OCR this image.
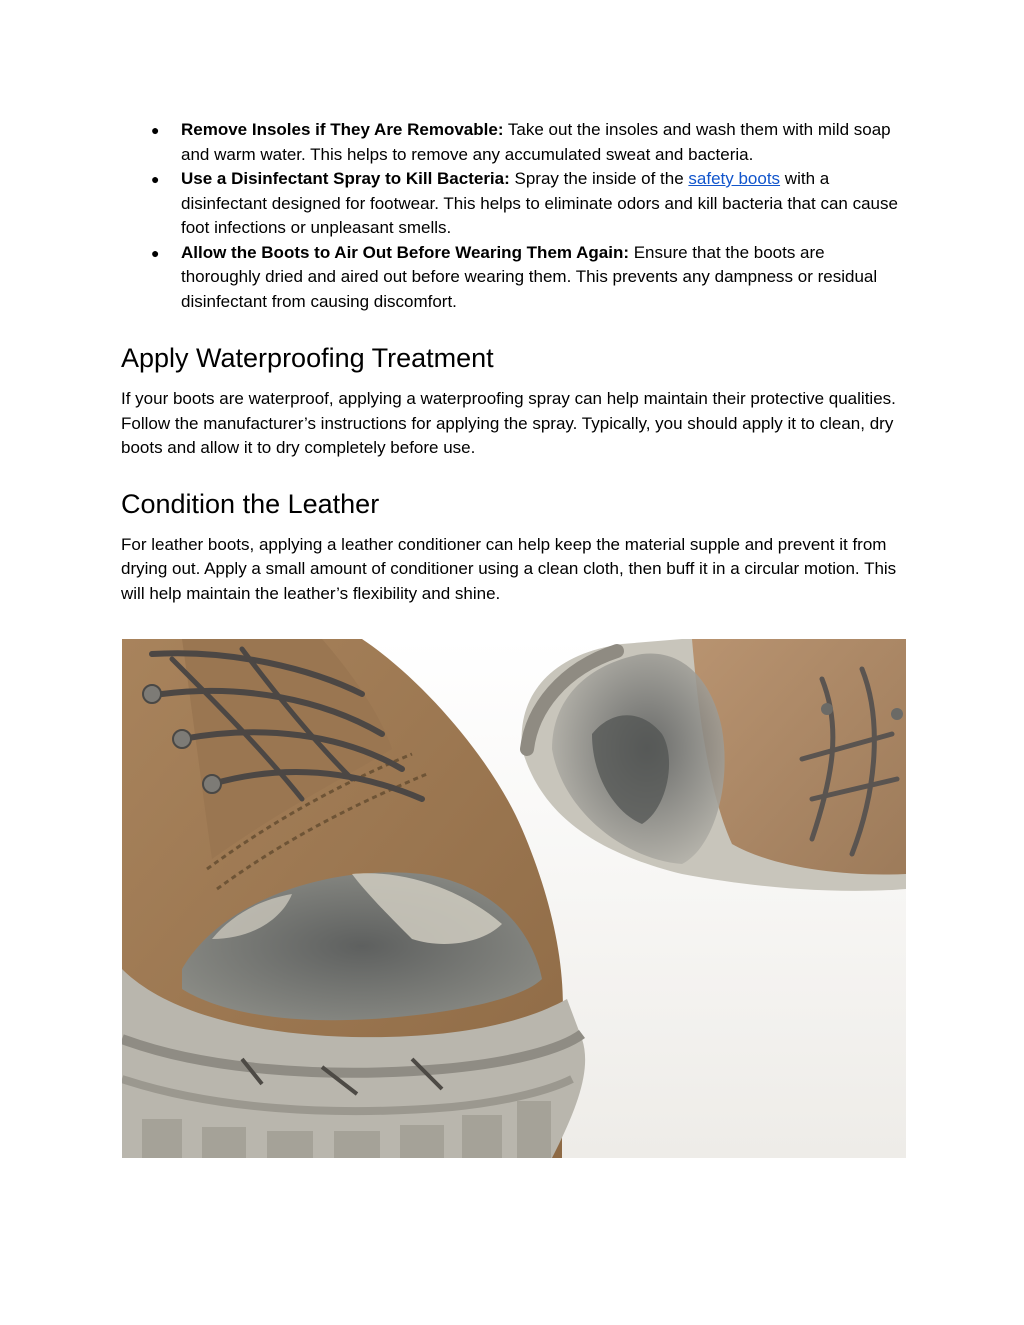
● Remove Insoles if They Are Removable: Take out the insoles and wash them with mild soap and warm water. This helps to remove any accumulated sweat and bacteria.
● Use a Disinfectant Spray to Kill Bacteria: Spray the inside of the safety boots with a disinfectant designed for footwear. This helps to eliminate odors and kill bacteria that can cause foot infections or unpleasant smells.
● Allow the Boots to Air Out Before Wearing Them Again: Ensure that the boots are thoroughly dried and aired out before wearing them. This prevents any dampness or residual disinfectant from causing discomfort.
Apply Waterproofing Treatment

If your boots are waterproof, applying a waterproofing spray can help maintain their protective qualities. Follow the manufacturer’s instructions for applying the spray. Typically, you should apply it to clean, dry boots and allow it to dry completely before use.

Condition the Leather

For leather boots, applying a leather conditioner can help keep the material supple and prevent it from drying out. Apply a small amount of conditioner using a clean cloth, then buff it in a circular motion. This will help maintain the leather’s flexibility and shine.
